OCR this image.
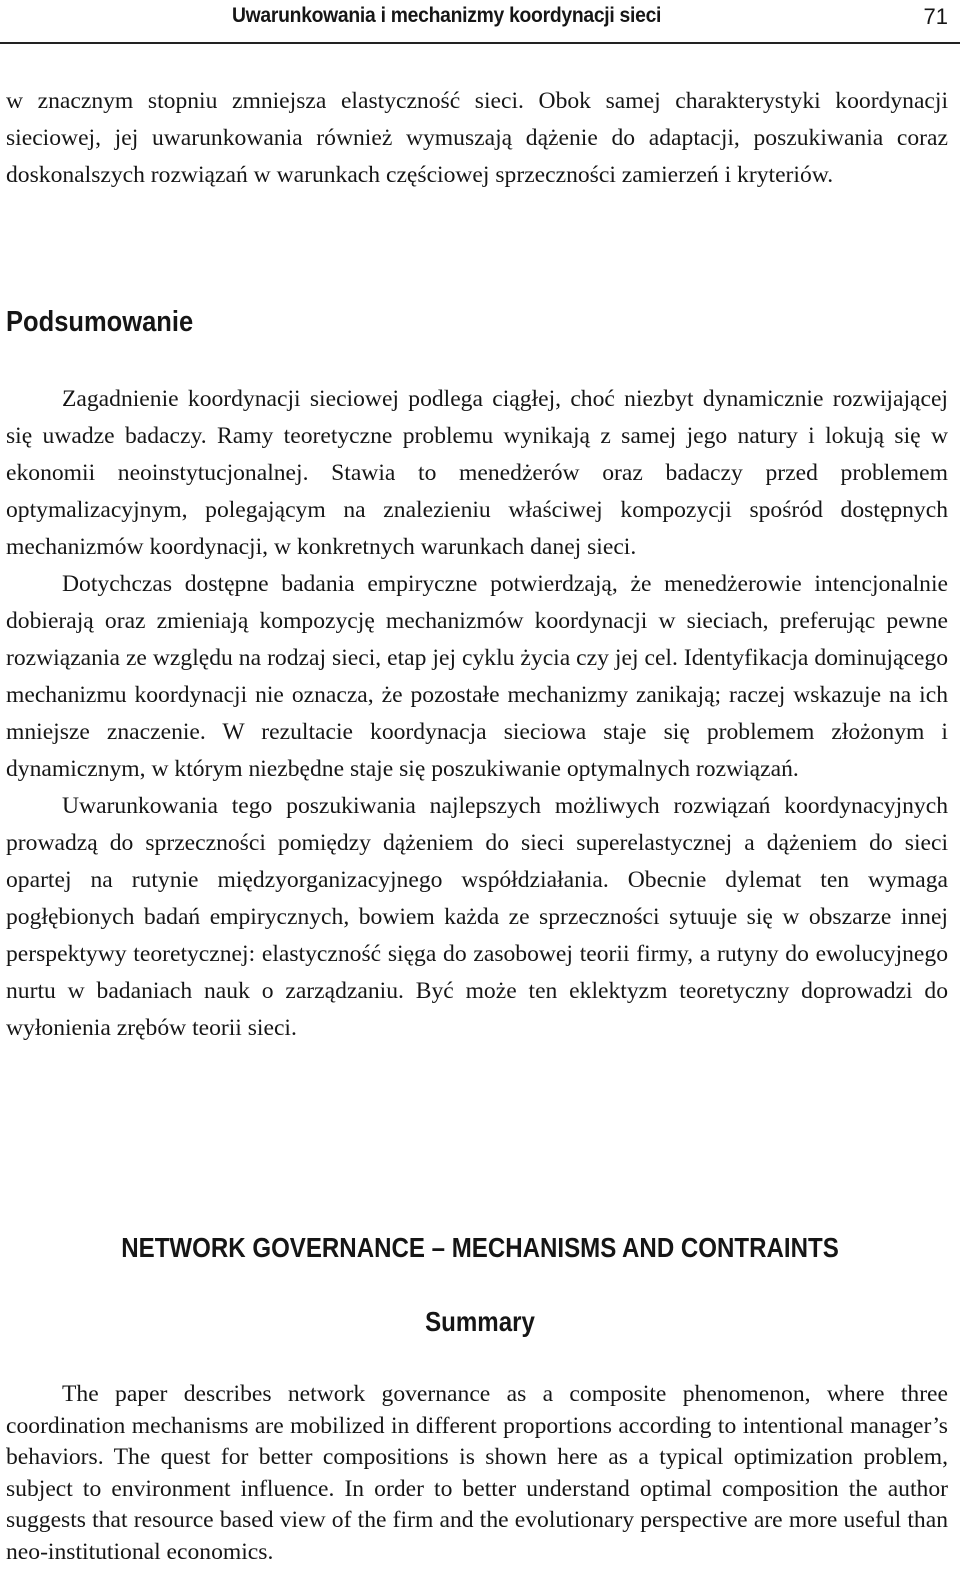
Uwarunkowania i mechanizmy koordynacji sieci	71

w znacznym stopniu zmniejsza elastyczność sieci. Obok samej charakterystyki koordynacji sieciowej, jej uwarunkowania również wymuszają dążenie do adaptacji, poszukiwania coraz doskonalszych rozwiązań w warunkach częściowej sprzeczności zamierzeń i kryteriów.

Podsumowanie

Zagadnienie koordynacji sieciowej podlega ciągłej, choć niezbyt dynamicznie rozwijającej się uwadze badaczy. Ramy teoretyczne problemu wynikają z samej jego natury i lokują się w ekonomii neoinstytucjonalnej. Stawia to menedżerów oraz badaczy przed problemem optymalizacyjnym, polegającym na znalezieniu właściwej kompozycji spośród dostępnych mechanizmów koordynacji, w konkretnych warunkach danej sieci.

Dotychczas dostępne badania empiryczne potwierdzają, że menedżerowie intencjonalnie dobierają oraz zmieniają kompozycję mechanizmów koordynacji w sieciach, preferując pewne rozwiązania ze względu na rodzaj sieci, etap jej cyklu życia czy jej cel. Identyfikacja dominującego mechanizmu koordynacji nie oznacza, że pozostałe mechanizmy zanikają; raczej wskazuje na ich mniejsze znaczenie. W rezultacie koordynacja sieciowa staje się problemem złożonym i dynamicznym, w którym niezbędne staje się poszukiwanie optymalnych rozwiązań.

Uwarunkowania tego poszukiwania najlepszych możliwych rozwiązań koordynacyjnych prowadzą do sprzeczności pomiędzy dążeniem do sieci superelastycznej a dążeniem do sieci opartej na rutynie międzyorganizacyjnego współdziałania. Obecnie dylemat ten wymaga pogłębionych badań empirycznych, bowiem każda ze sprzeczności sytuuje się w obszarze innej perspektywy teoretycznej: elastyczność sięga do zasobowej teorii firmy, a rutyny do ewolucyjnego nurtu w badaniach nauk o zarządzaniu. Być może ten eklektyzm teoretyczny doprowadzi do wyłonienia zrębów teorii sieci.

NETWORK GOVERNANCE – MECHANISMS AND CONTRAINTS
Summary

The paper describes network governance as a composite phenomenon, where three coordination mechanisms are mobilized in different proportions according to intentional manager’s behaviors. The quest for better compositions is shown here as a typical optimization problem, subject to environment influence. In order to better understand optimal composition the author suggests that resource based view of the firm and the evolutionary perspective are more useful than neo-institutional economics.
